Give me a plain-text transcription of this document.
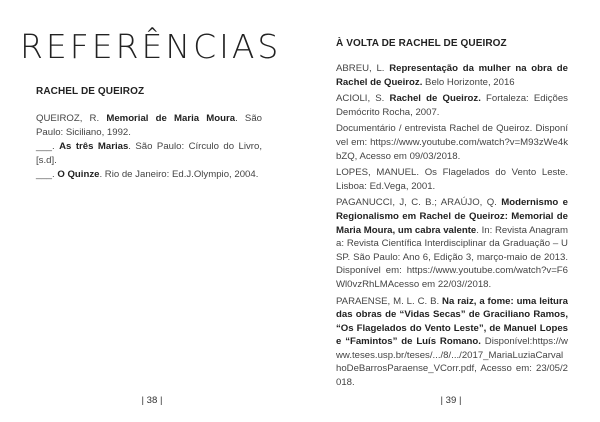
REFERÊNCIAS
RACHEL DE QUEIROZ

QUEIROZ, R. Memorial de Maria Moura. São Paulo: Siciliano, 1992.

___. As três Marias. São Paulo: Círculo do Livro, [s.d].

___. O Quinze. Rio de Janeiro: Ed.J.Olympio, 2004.

| 38 |
À VOLTA DE RACHEL DE QUEIROZ

ABREU, L. Representação da mulher na obra de Rachel de Queiroz. Belo Horizonte, 2016

ACIOLI, S. Rachel de Queiroz. Fortaleza: Edições Demócrito Rocha, 2007.

Documentário / entrevista Rachel de Queiroz. Disponível em: https://www.youtube.com/watch?v=M93zWe4kbZQ, Acesso em 09/03/2018.

LOPES, MANUEL. Os Flagelados do Vento Leste. Lisboa: Ed.Vega, 2001.

PAGANUCCI, J, C. B.; ARAÚJO, Q. Modernismo e Regionalismo em Rachel de Queiroz: Memorial de Maria Moura, um cabra valente. In: Revista Anagrama: Revista Científica Interdisciplinar da Graduação – USP. São Paulo: Ano 6, Edição 3, março-maio de 2013. Disponível em: https://www.youtube.com/watch?v=F6Wl0vzRhLMAcesso em 22/03//2018.

PARAENSE, M. L. C. B. Na raiz, a fome: uma leitura das obras de “Vidas Secas” de Graciliano Ramos, “Os Flagelados do Vento Leste”, de Manuel Lopes e “Famintos” de Luís Romano. Disponível:https://www.teses.usp.br/teses/.../8/.../2017_MariaLuziaCarvalhoDeBarrosParaense_VCorr.pdf, Acesso em: 23/05/2018.

| 39 |
